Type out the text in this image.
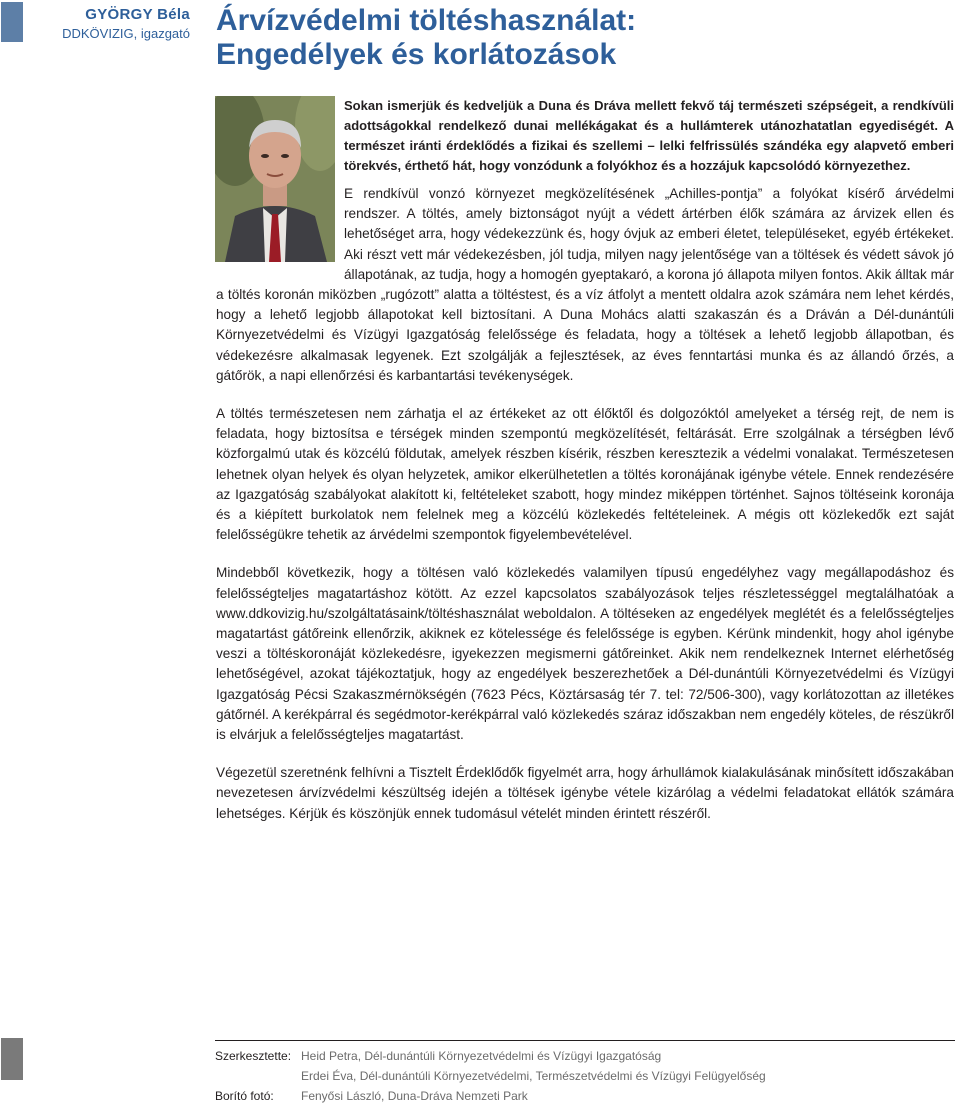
GYÖRGY Béla
DDKÖVIZIG, igazgató Árvízvédelmi töltéshasználat:
Engedélyek és korlátozások

Sokan ismerjük és kedveljük a Duna és Dráva mellett fekvő táj természeti szépségeit, a rendkívüli adottságokkal rendelkező dunai mellékágakat és a hullámterek utánozhatatlan egyediségét. A természet iránti érdeklődés a fizikai és szellemi – lelki felfrissülés szándéka egy alapvető emberi törekvés, érthető hát, hogy vonzódunk a folyókhoz és a hozzájuk kapcsolódó környezethez.

E rendkívül vonzó környezet megközelítésének „Achilles-pontja” a folyókat kísérő árvédelmi rendszer. A töltés, amely biztonságot nyújt a védett ártérben élők számára az árvizek ellen és lehetőséget arra, hogy védekezzünk és, hogy óvjuk az emberi életet, településeket, egyéb értékeket. Aki részt vett már védekezésben, jól tudja, milyen nagy jelentősége van a töltések és védett sávok jó állapotának, az tudja, hogy a homogén gyeptakaró, a korona jó állapota milyen fontos. Akik álltak már a töltés koronán miközben „rugózott” alatta a töltéstest, és a víz átfolyt a mentett oldalra azok számára nem lehet kérdés, hogy a lehető legjobb állapotokat kell biztosítani. A Duna Mohács alatti szakaszán és a Dráván a Dél-dunántúli Környezetvédelmi és Vízügyi Igazgatóság felelőssége és feladata, hogy a töltések a lehető legjobb állapotban, és védekezésre alkalmasak legyenek. Ezt szolgálják a fejlesztések, az éves fenntartási munka és az állandó őrzés, a gátőrök, a napi ellenőrzési és karbantartási tevékenységek.

A töltés természetesen nem zárhatja el az értékeket az ott élőktől és dolgozóktól amelyeket a térség rejt, de nem is feladata, hogy biztosítsa e térségek minden szempontú megközelítését, feltárását. Erre szolgálnak a térségben lévő közforgalmú utak és közcélú földutak, amelyek részben kísérik, részben keresztezik a védelmi vonalakat. Természetesen lehetnek olyan helyek és olyan helyzetek, amikor elkerülhetetlen a töltés koronájának igénybe vétele. Ennek rendezésére az Igazgatóság szabályokat alakított ki, feltételeket szabott, hogy mindez miképpen történhet. Sajnos töltéseink koronája és a kiépített burkolatok nem felelnek meg a közcélú közlekedés feltételeinek. A mégis ott közlekedők ezt saját felelősségükre tehetik az árvédelmi szempontok figyelembevételével.

Mindebből következik, hogy a töltésen való közlekedés valamilyen típusú engedélyhez vagy megállapodáshoz és felelősségteljes magatartáshoz kötött. Az ezzel kapcsolatos szabályozások teljes részletességgel megtalálhatóak a www.ddkovizig.hu/szolgáltatásaink/töltéshasználat weboldalon. A töltéseken az engedélyek meglétét és a felelősségteljes magatartást gátőreink ellenőrzik, akiknek ez kötelessége és felelőssége is egyben. Kérünk mindenkit, hogy ahol igénybe veszi a töltéskoronáját közlekedésre, igyekezzen megismerni gátőreinket. Akik nem rendelkeznek Internet elérhetőség lehetőségével, azokat tájékoztatjuk, hogy az engedélyek beszerezhetőek a Dél-dunántúli Környezetvédelmi és Vízügyi Igazgatóság Pécsi Szakaszmérnökségén (7623 Pécs, Köztársaság tér 7. tel: 72/506-300), vagy korlátozottan az illetékes gátőrnél. A kerékpárral és segédmotor-kerékpárral való közlekedés száraz időszakban nem engedély köteles, de részükről is elvárjuk a felelősségteljes magatartást.

Végezetül szeretnénk felhívni a Tisztelt Érdeklődők figyelmét arra, hogy árhullámok kialakulásának minősített időszakában nevezetesen árvízvédelmi készültség idején a töltések igénybe vétele kizárólag a védelmi feladatokat ellátók számára lehetséges. Kérjük és köszönjük ennek tudomásul vételét minden érintett részéről.

Szerkesztette: Heid Petra, Dél-dunántúli Környezetvédelmi és Vízügyi Igazgatóság
Erdei Éva, Dél-dunántúli Környezetvédelmi, Természetvédelmi és Vízügyi Felügyelőség
Borító fotó:	Fenyősi László, Duna-Dráva Nemzeti Park
